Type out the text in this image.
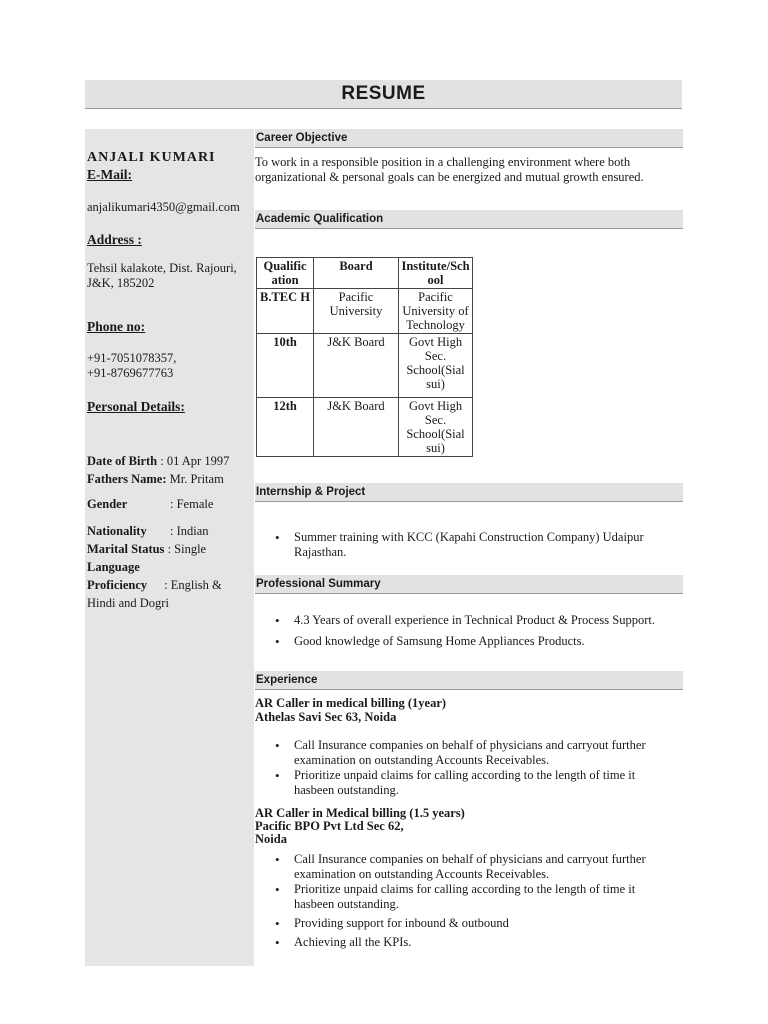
RESUME
ANJALI KUMARI
E-Mail:
anjalikumari4350@gmail.com
Address :
Tehsil kalakote, Dist. Rajouri,
J&K, 185202
Phone no:
+91-7051078357,
+91-8769677763
Personal Details:
Date of Birth : 01 Apr 1997
Fathers Name: Mr. Pritam
Gender	: Female
Nationality : Indian
Marital Status : Single
Language
Proficiency : English &
Hindi and Dogri
Career Objective
To work in a responsible position in a challenging environment where both
organizational & personal goals can be energized and mutual growth ensured.
Academic Qualification
Qualific ation	Board	Institute/Sch ool
B.TEC H	Pacific University	Pacific University of Technology
10th	J&K Board	Govt High Sec. School(Sial sui)
12th	J&K Board	Govt High Sec. School(Sial sui)
Internship & Project
• Summer training with KCC (Kapahi Construction Company) Udaipur Rajasthan.
Professional Summary
• 4.3 Years of overall experience in Technical Product & Process Support.
• Good knowledge of Samsung Home Appliances Products.
Experience
AR Caller in medical billing (1year)
Athelas Savi Sec 63, Noida
• Call Insurance companies on behalf of physicians and carryout further examination on outstanding Accounts Receivables.
• Prioritize unpaid claims for calling according to the length of time it hasbeen outstanding.
AR Caller in Medical billing (1.5 years)
Pacific BPO Pvt Ltd Sec 62,
Noida
• Call Insurance companies on behalf of physicians and carryout further examination on outstanding Accounts Receivables.
• Prioritize unpaid claims for calling according to the length of time it hasbeen outstanding.
• Providing support for inbound & outbound
• Achieving all the KPIs.
